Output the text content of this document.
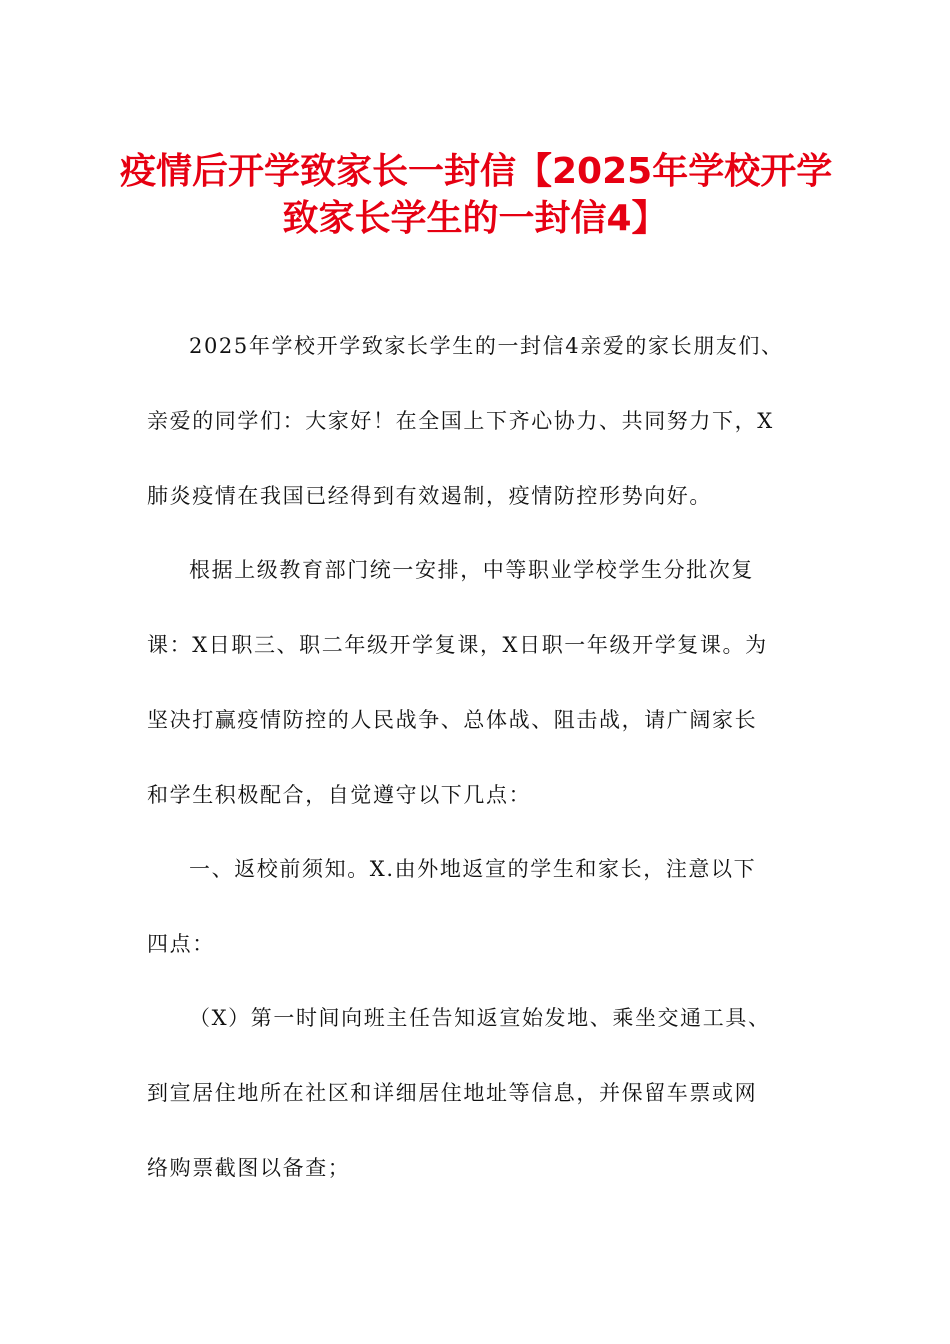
疫情后开学致家长一封信【2025年学校开学
致家长学生的一封信4】

2025年学校开学致家长学生的一封信4亲爱的家长朋友们、
亲爱的同学们：大家好！在全国上下齐心协力、共同努力下，X
肺炎疫情在我国已经得到有效遏制，疫情防控形势向好。

根据上级教育部门统一安排，中等职业学校学生分批次复
课：X日职三、职二年级开学复课，X日职一年级开学复课。为
坚决打赢疫情防控的人民战争、总体战、阻击战，请广阔家长
和学生积极配合，自觉遵守以下几点：

一、返校前须知。X.由外地返宣的学生和家长，注意以下
四点：

（X）第一时间向班主任告知返宣始发地、乘坐交通工具、
到宣居住地所在社区和详细居住地址等信息，并保留车票或网
络购票截图以备查；
